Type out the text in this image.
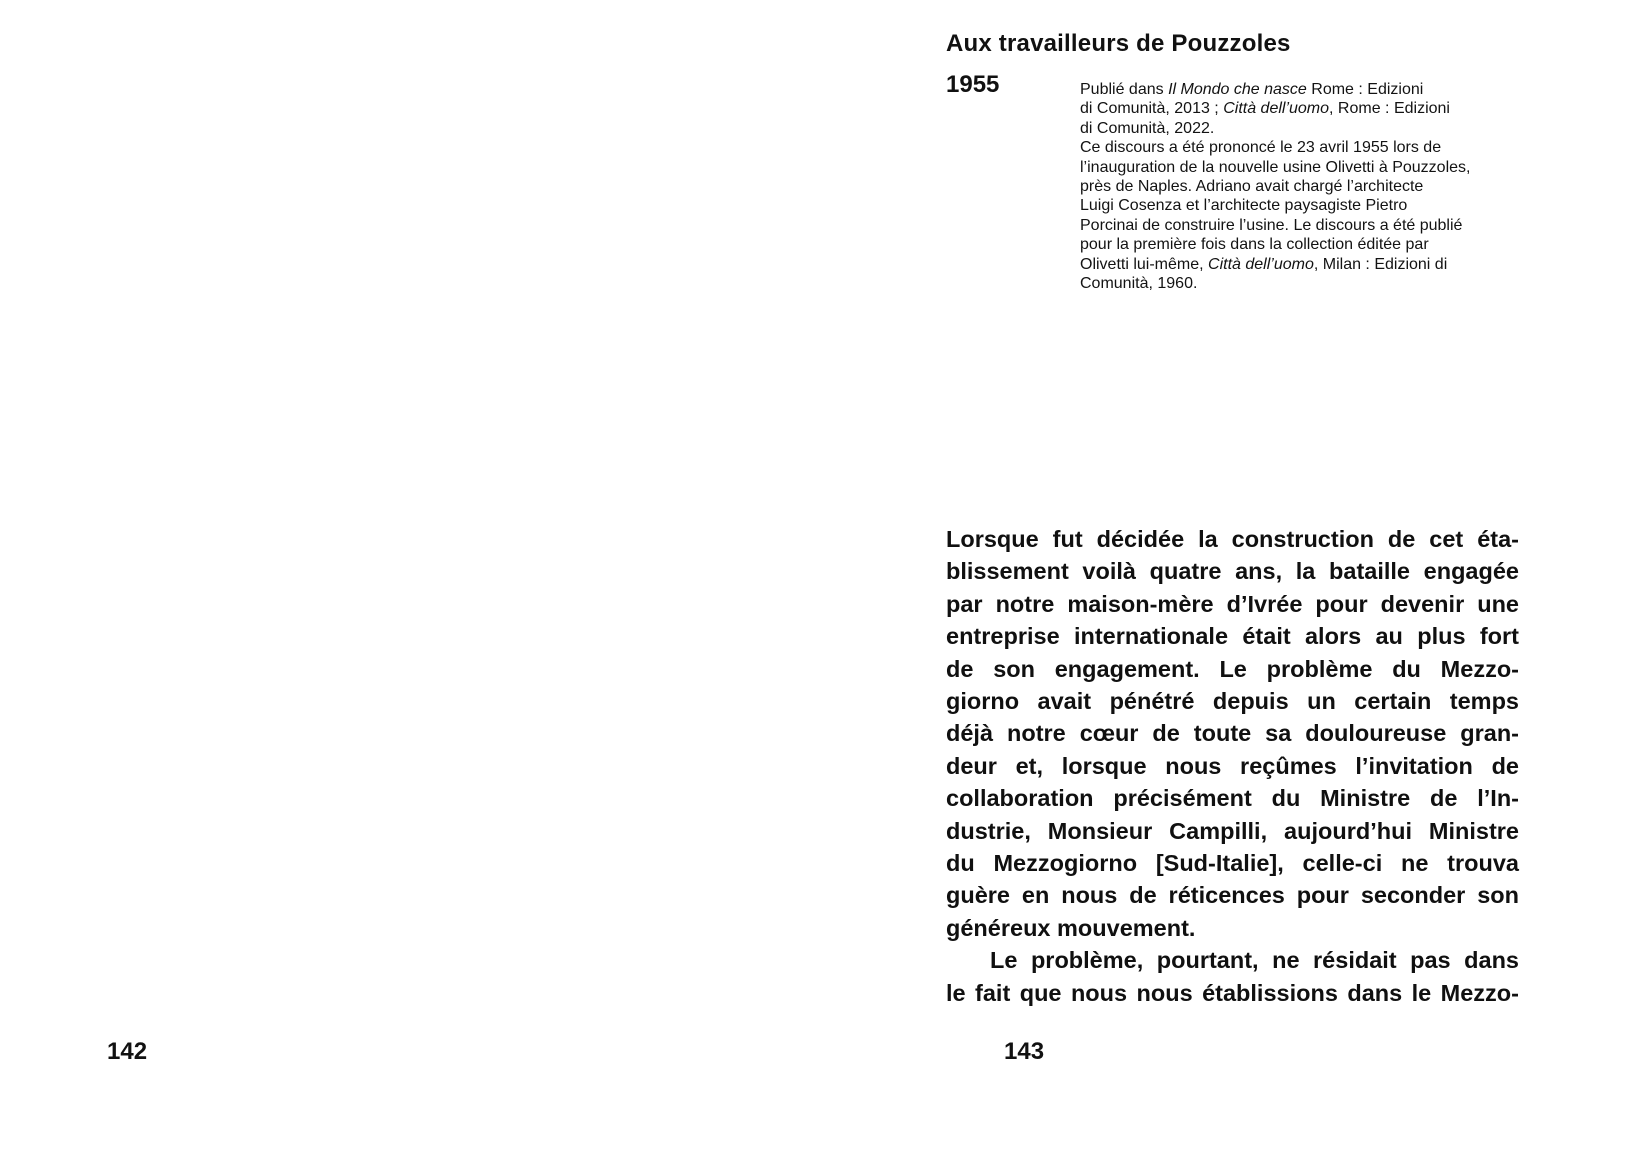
142
Aux travailleurs de Pouzzoles
1955	Publié dans Il Mondo che nasce Rome : Edizioni
di Comunità, 2013 ; Città dell’uomo, Rome : Edizioni
di Comunità, 2022.
Ce discours a été prononcé le 23 avril 1955 lors de
l’inauguration de la nouvelle usine Olivetti à Pouzzoles,
près de Naples. Adriano avait chargé l’architecte
Luigi Cosenza et l’architecte paysagiste Pietro
Porcinai de construire l’usine. Le discours a été publié
pour la première fois dans la collection éditée par
Olivetti lui-même, Città dell’uomo, Milan : Edizioni di
Comunità, 1960.
Lorsque fut décidée la construction de cet éta-
blissement voilà quatre ans, la bataille engagée
par notre maison-mère d’Ivrée pour devenir une
entreprise internationale était alors au plus fort
de son engagement. Le problème du Mezzo-
giorno avait pénétré depuis un certain temps
déjà notre cœur de toute sa douloureuse gran-
deur et, lorsque nous reçûmes l’invitation de
collaboration précisément du Ministre de l’In-
dustrie, Monsieur Campilli, aujourd’hui Ministre
du Mezzogiorno [Sud-Italie], celle-ci ne trouva
guère en nous de réticences pour seconder son
généreux mouvement.
Le problème, pourtant, ne résidait pas dans
le fait que nous nous établissions dans le Mezzo-
143
